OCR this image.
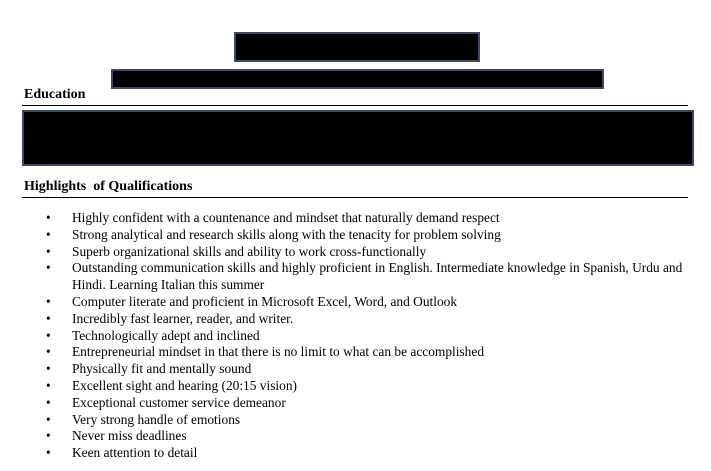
Education
Highlights  of Qualifications
• Highly confident with a countenance and mindset that naturally demand respect
• Strong analytical and research skills along with the tenacity for problem solving
• Superb organizational skills and ability to work cross-functionally
• Outstanding communication skills and highly proficient in English. Intermediate knowledge in Spanish, Urdu and Hindi. Learning Italian this summer
• Computer literate and proficient in Microsoft Excel, Word, and Outlook
• Incredibly fast learner, reader, and writer.
• Technologically adept and inclined
• Entrepreneurial mindset in that there is no limit to what can be accomplished
• Physically fit and mentally sound
• Excellent sight and hearing (20:15 vision)
• Exceptional customer service demeanor
• Very strong handle of emotions
• Never miss deadlines
• Keen attention to detail
